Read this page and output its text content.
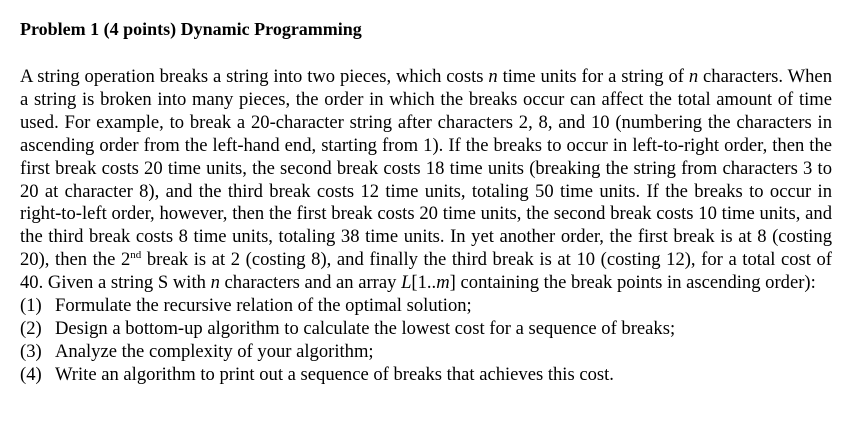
Problem 1 (4 points) Dynamic Programming

A string operation breaks a string into two pieces, which costs n time units for a string of n characters. When a string is broken into many pieces, the order in which the breaks occur can affect the total amount of time used. For example, to break a 20-character string after characters 2, 8, and 10 (numbering the characters in ascending order from the left-hand end, starting from 1). If the breaks to occur in left-to-right order, then the first break costs 20 time units, the second break costs 18 time units (breaking the string from characters 3 to 20 at character 8), and the third break costs 12 time units, totaling 50 time units. If the breaks to occur in right-to-left order, however, then the first break costs 20 time units, the second break costs 10 time units, and the third break costs 8 time units, totaling 38 time units. In yet another order, the first break is at 8 (costing 20), then the 2nd break is at 2 (costing 8), and finally the third break is at 10 (costing 12), for a total cost of 40. Given a string S with n characters and an array L[1..m] containing the break points in ascending order):

(1) Formulate the recursive relation of the optimal solution;
(2) Design a bottom-up algorithm to calculate the lowest cost for a sequence of breaks;
(3) Analyze the complexity of your algorithm;
(4) Write an algorithm to print out a sequence of breaks that achieves this cost.
